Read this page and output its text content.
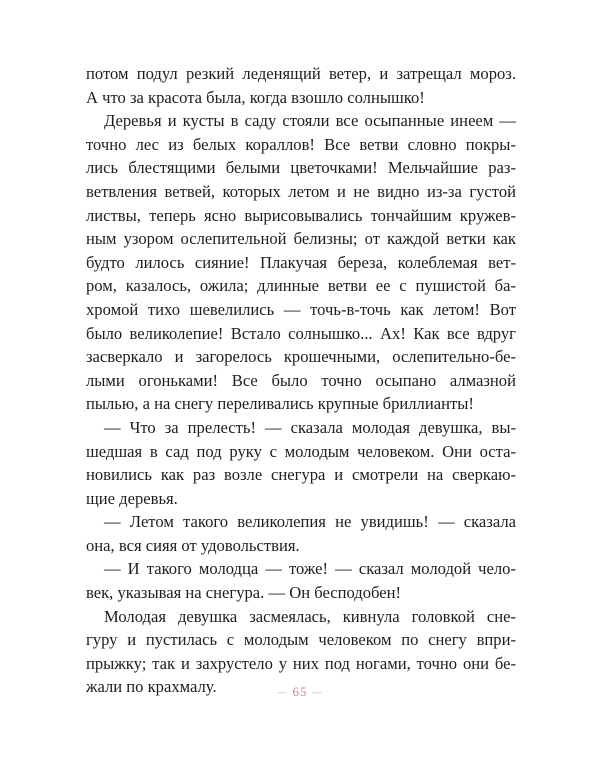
потом подул резкий леденящий ветер, и затрещал мороз.
А что за красота была, когда взошло солнышко!
Деревья и кусты в саду стояли все осыпанные инеем —
точно лес из белых кораллов! Все ветви словно покры-
лись блестящими белыми цветочками! Мельчайшие раз-
ветвления ветвей, которых летом и не видно из-за густой
листвы, теперь ясно вырисовывались тончайшим кружев-
ным узором ослепительной белизны; от каждой ветки как
будто лилось сияние! Плакучая береза, колеблемая вет-
ром, казалось, ожила; длинные ветви ее с пушистой ба-
хромой тихо шевелились — точь-в-точь как летом! Вот
было великолепие! Встало солнышко... Ах! Как все вдруг
засверкало и загорелось крошечными, ослепительно-бе-
лыми огоньками! Все было точно осыпано алмазной
пылью, а на снегу переливались крупные бриллианты!
— Что за прелесть! — сказала молодая девушка, вы-
шедшая в сад под руку с молодым человеком. Они оста-
новились как раз возле снегура и смотрели на сверкаю-
щие деревья.
— Летом такого великолепия не увидишь! — сказала
она, вся сияя от удовольствия.
— И такого молодца — тоже! — сказал молодой чело-
век, указывая на снегура. — Он бесподобен!
Молодая девушка засмеялась, кивнула головкой сне-
гуру и пустилась с молодым человеком по снегу впри-
прыжку; так и захрустело у них под ногами, точно они бе-
жали по крахмалу.	⁓ 65 ⁓
